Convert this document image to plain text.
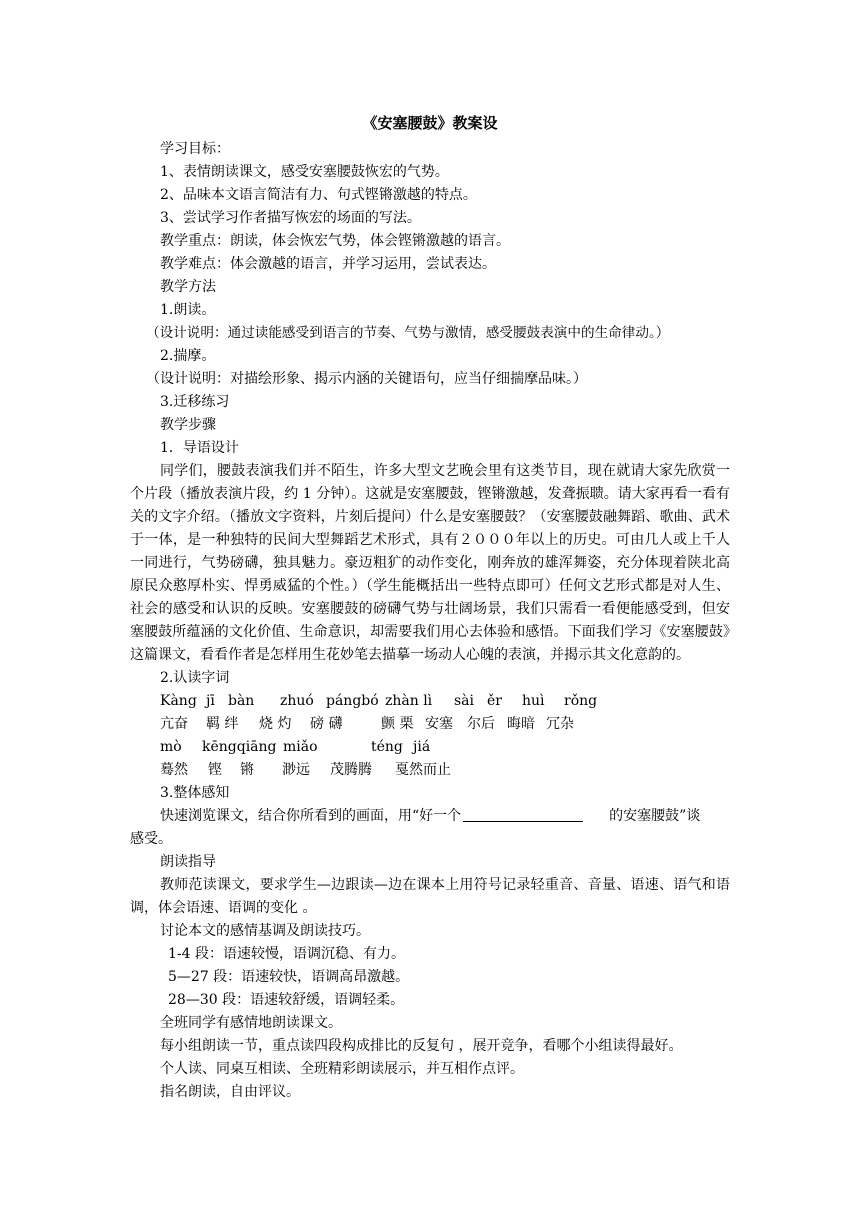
《安塞腰鼓》教案设

学习目标：

1、表情朗读课文，感受安塞腰鼓恢宏的气势。

2、品味本文语言简洁有力、句式铿锵激越的特点。

3、尝试学习作者描写恢宏的场面的写法。

教学重点：朗读，体会恢宏气势，体会铿锵激越的语言。

教学难点：体会激越的语言，并学习运用，尝试表达。

教学方法

1.朗读。

（设计说明：通过读能感受到语言的节奏、气势与激情，感受腰鼓表演中的生命律动。）

2.揣摩。

（设计说明：对描绘形象、揭示内涵的关键语句，应当仔细揣摩品味。）

3.迁移练习

教学步骤

1．导语设计

同学们，腰鼓表演我们并不陌生，许多大型文艺晚会里有这类节目，现在就请大家先欣赏一个片段（播放表演片段，约 1 分钟）。这就是安塞腰鼓，铿锵激越，发聋振聩。请大家再看一看有关的文字介绍。（播放文字资料，片刻后提问）什么是安塞腰鼓？（安塞腰鼓融舞蹈、歌曲、武术于一体，是一种独特的民间大型舞蹈艺术形式，具有２０００年以上的历史。可由几人或上千人一同进行，气势磅礴，独具魅力。豪迈粗犷的动作变化，刚奔放的雄浑舞姿，充分体现着陕北高原民众憨厚朴实、悍勇威猛的个性。）（学生能概括出一些特点即可）任何文艺形式都是对人生、社会的感受和认识的反映。安塞腰鼓的磅礴气势与壮阔场景，我们只需看一看便能感受到，但安塞腰鼓所蕴涵的文化价值、生命意识，却需要我们用心去体验和感悟。下面我们学习《安塞腰鼓》这篇课文，看看作者是怎样用生花妙笔去描摹一场动人心魄的表演，并揭示其文化意韵的。

2.认读字词

Kàng jī bàn zhuó pángbó zhàn lì sài ěr huì rǒng
亢奋 羁 绊 烧 灼 磅 礴	颤 栗 安塞 尔后 晦暗 冗杂
mò kēngqiāng miǎo	téng jiá
蓦然 铿 锵 渺远 茂腾腾 戛然而止

3.整体感知

快速浏览课文，结合你所看到的画面，用“好一个	的安塞腰鼓”谈

感受。

朗读指导

教师范读课文，要求学生—边跟读—边在课本上用符号记录轻重音、音量、语速、语气和语调，体会语速、语调的变化 。

讨论本文的感情基调及朗读技巧。

1-4 段：语速较慢，语调沉稳、有力。

5—27 段：语速较快，语调高昂激越。

28—30 段：语速较舒缓，语调轻柔。

全班同学有感情地朗读课文。

每小组朗读一节，重点读四段构成排比的反复句 ，展开竞争，看哪个小组读得最好。

个人读、同桌互相读、全班精彩朗读展示，并互相作点评。

指名朗读，自由评议。
